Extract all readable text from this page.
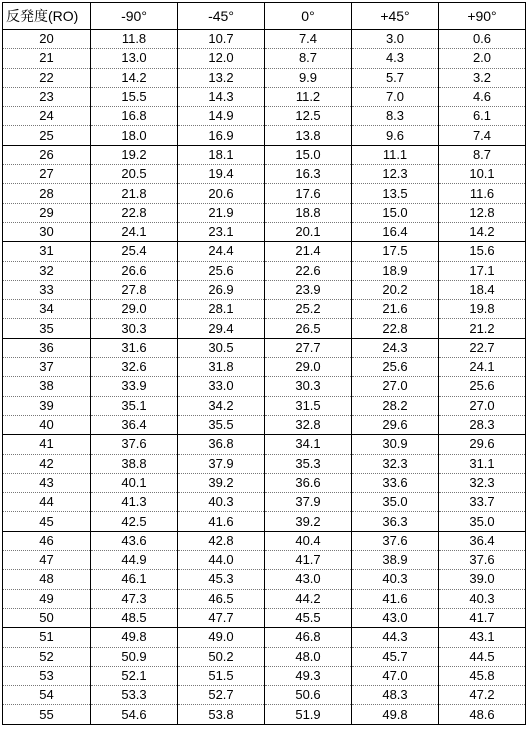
反発度(RO)	-90°	-45°	0°	+45°	+90°
20	11.8	10.7	7.4	3.0	0.6
21	13.0	12.0	8.7	4.3	2.0
22	14.2	13.2	9.9	5.7	3.2
23	15.5	14.3	11.2	7.0	4.6
24	16.8	14.9	12.5	8.3	6.1
25	18.0	16.9	13.8	9.6	7.4
26	19.2	18.1	15.0	11.1	8.7
27	20.5	19.4	16.3	12.3	10.1
28	21.8	20.6	17.6	13.5	11.6
29	22.8	21.9	18.8	15.0	12.8
30	24.1	23.1	20.1	16.4	14.2
31	25.4	24.4	21.4	17.5	15.6
32	26.6	25.6	22.6	18.9	17.1
33	27.8	26.9	23.9	20.2	18.4
34	29.0	28.1	25.2	21.6	19.8
35	30.3	29.4	26.5	22.8	21.2
36	31.6	30.5	27.7	24.3	22.7
37	32.6	31.8	29.0	25.6	24.1
38	33.9	33.0	30.3	27.0	25.6
39	35.1	34.2	31.5	28.2	27.0
40	36.4	35.5	32.8	29.6	28.3
41	37.6	36.8	34.1	30.9	29.6
42	38.8	37.9	35.3	32.3	31.1
43	40.1	39.2	36.6	33.6	32.3
44	41.3	40.3	37.9	35.0	33.7
45	42.5	41.6	39.2	36.3	35.0
46	43.6	42.8	40.4	37.6	36.4
47	44.9	44.0	41.7	38.9	37.6
48	46.1	45.3	43.0	40.3	39.0
49	47.3	46.5	44.2	41.6	40.3
50	48.5	47.7	45.5	43.0	41.7
51	49.8	49.0	46.8	44.3	43.1
52	50.9	50.2	48.0	45.7	44.5
53	52.1	51.5	49.3	47.0	45.8
54	53.3	52.7	50.6	48.3	47.2
55	54.6	53.8	51.9	49.8	48.6
